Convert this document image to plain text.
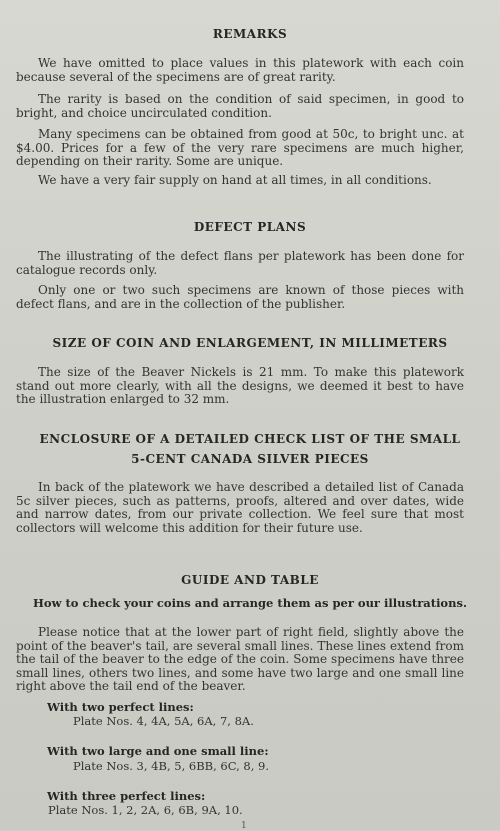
REMARKS

We have omitted to place values in this platework with each coin because several of the specimens are of great rarity.

The rarity is based on the condition of said specimen, in good to bright, and choice uncirculated condition.

Many specimens can be obtained from good at 50c, to bright unc. at $4.00. Prices for a few of the very rare specimens are much higher, depending on their rarity. Some are unique.

We have a very fair supply on hand at all times, in all conditions.

DEFECT PLANS

The illustrating of the defect flans per platework has been done for catalogue records only.

Only one or two such specimens are known of those pieces with defect flans, and are in the collection of the publisher.

SIZE OF COIN AND ENLARGEMENT, IN MILLIMETERS

The size of the Beaver Nickels is 21 mm. To make this platework stand out more clearly, with all the designs, we deemed it best to have the illustration enlarged to 32 mm.

ENCLOSURE OF A DETAILED CHECK LIST OF THE SMALL
5-CENT CANADA SILVER PIECES

In back of the platework we have described a detailed list of Canada 5c silver pieces, such as patterns, proofs, altered and over dates, wide and narrow dates, from our private collection. We feel sure that most collectors will welcome this addition for their future use.

GUIDE AND TABLE
How to check your coins and arrange them as per our illustrations.

Please notice that at the lower part of right field, slightly above the point of the beaver's tail, are several small lines. These lines extend from the tail of the beaver to the edge of the coin. Some specimens have three small lines, others two lines, and some have two large and one small line right above the tail end of the beaver.

With two perfect lines:
Plate Nos. 4, 4A, 5A, 6A, 7, 8A.
With two large and one small line:
Plate Nos. 3, 4B, 5, 6BB, 6C, 8, 9.
With three perfect lines:
Plate Nos. 1, 2, 2A, 6, 6B, 9A, 10.
1
